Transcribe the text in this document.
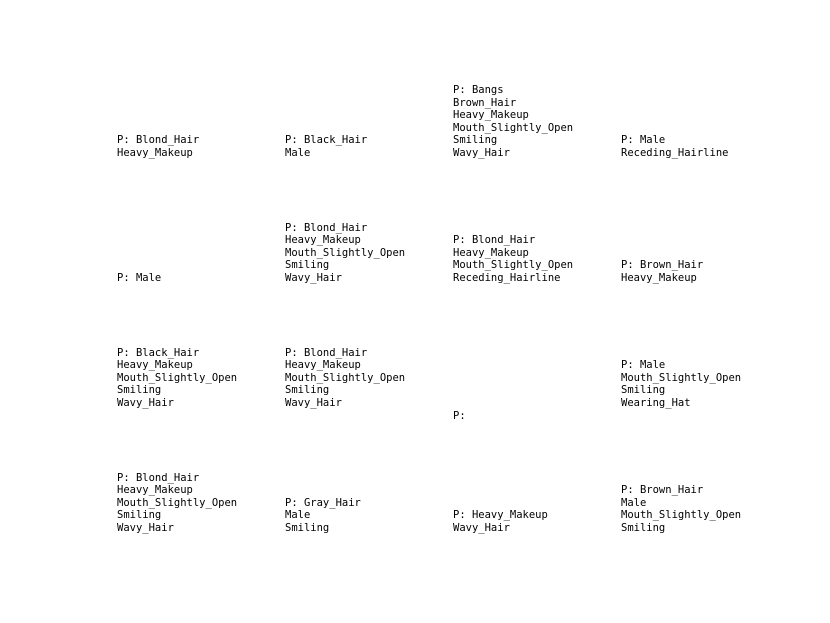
P: Blond_Hair
Heavy_Makeup
P: Black_Hair
Male
P: Bangs
Brown_Hair
Heavy_Makeup
Mouth_Slightly_Open
Smiling
Wavy_Hair
P: Male
Receding_Hairline
P: Male
P: Blond_Hair
Heavy_Makeup
Mouth_Slightly_Open
Smiling
Wavy_Hair
P: Blond_Hair
Heavy_Makeup
Mouth_Slightly_Open
Receding_Hairline
P: Brown_Hair
Heavy_Makeup
P: Black_Hair
Heavy_Makeup
Mouth_Slightly_Open
Smiling
Wavy_Hair
P: Blond_Hair
Heavy_Makeup
Mouth_Slightly_Open
Smiling
Wavy_Hair
P:
P: Male
Mouth_Slightly_Open
Smiling
Wearing_Hat
P: Blond_Hair
Heavy_Makeup
Mouth_Slightly_Open
Smiling
Wavy_Hair
P: Gray_Hair
Male
Smiling
P: Heavy_Makeup
Wavy_Hair
P: Brown_Hair
Male
Mouth_Slightly_Open
Smiling
